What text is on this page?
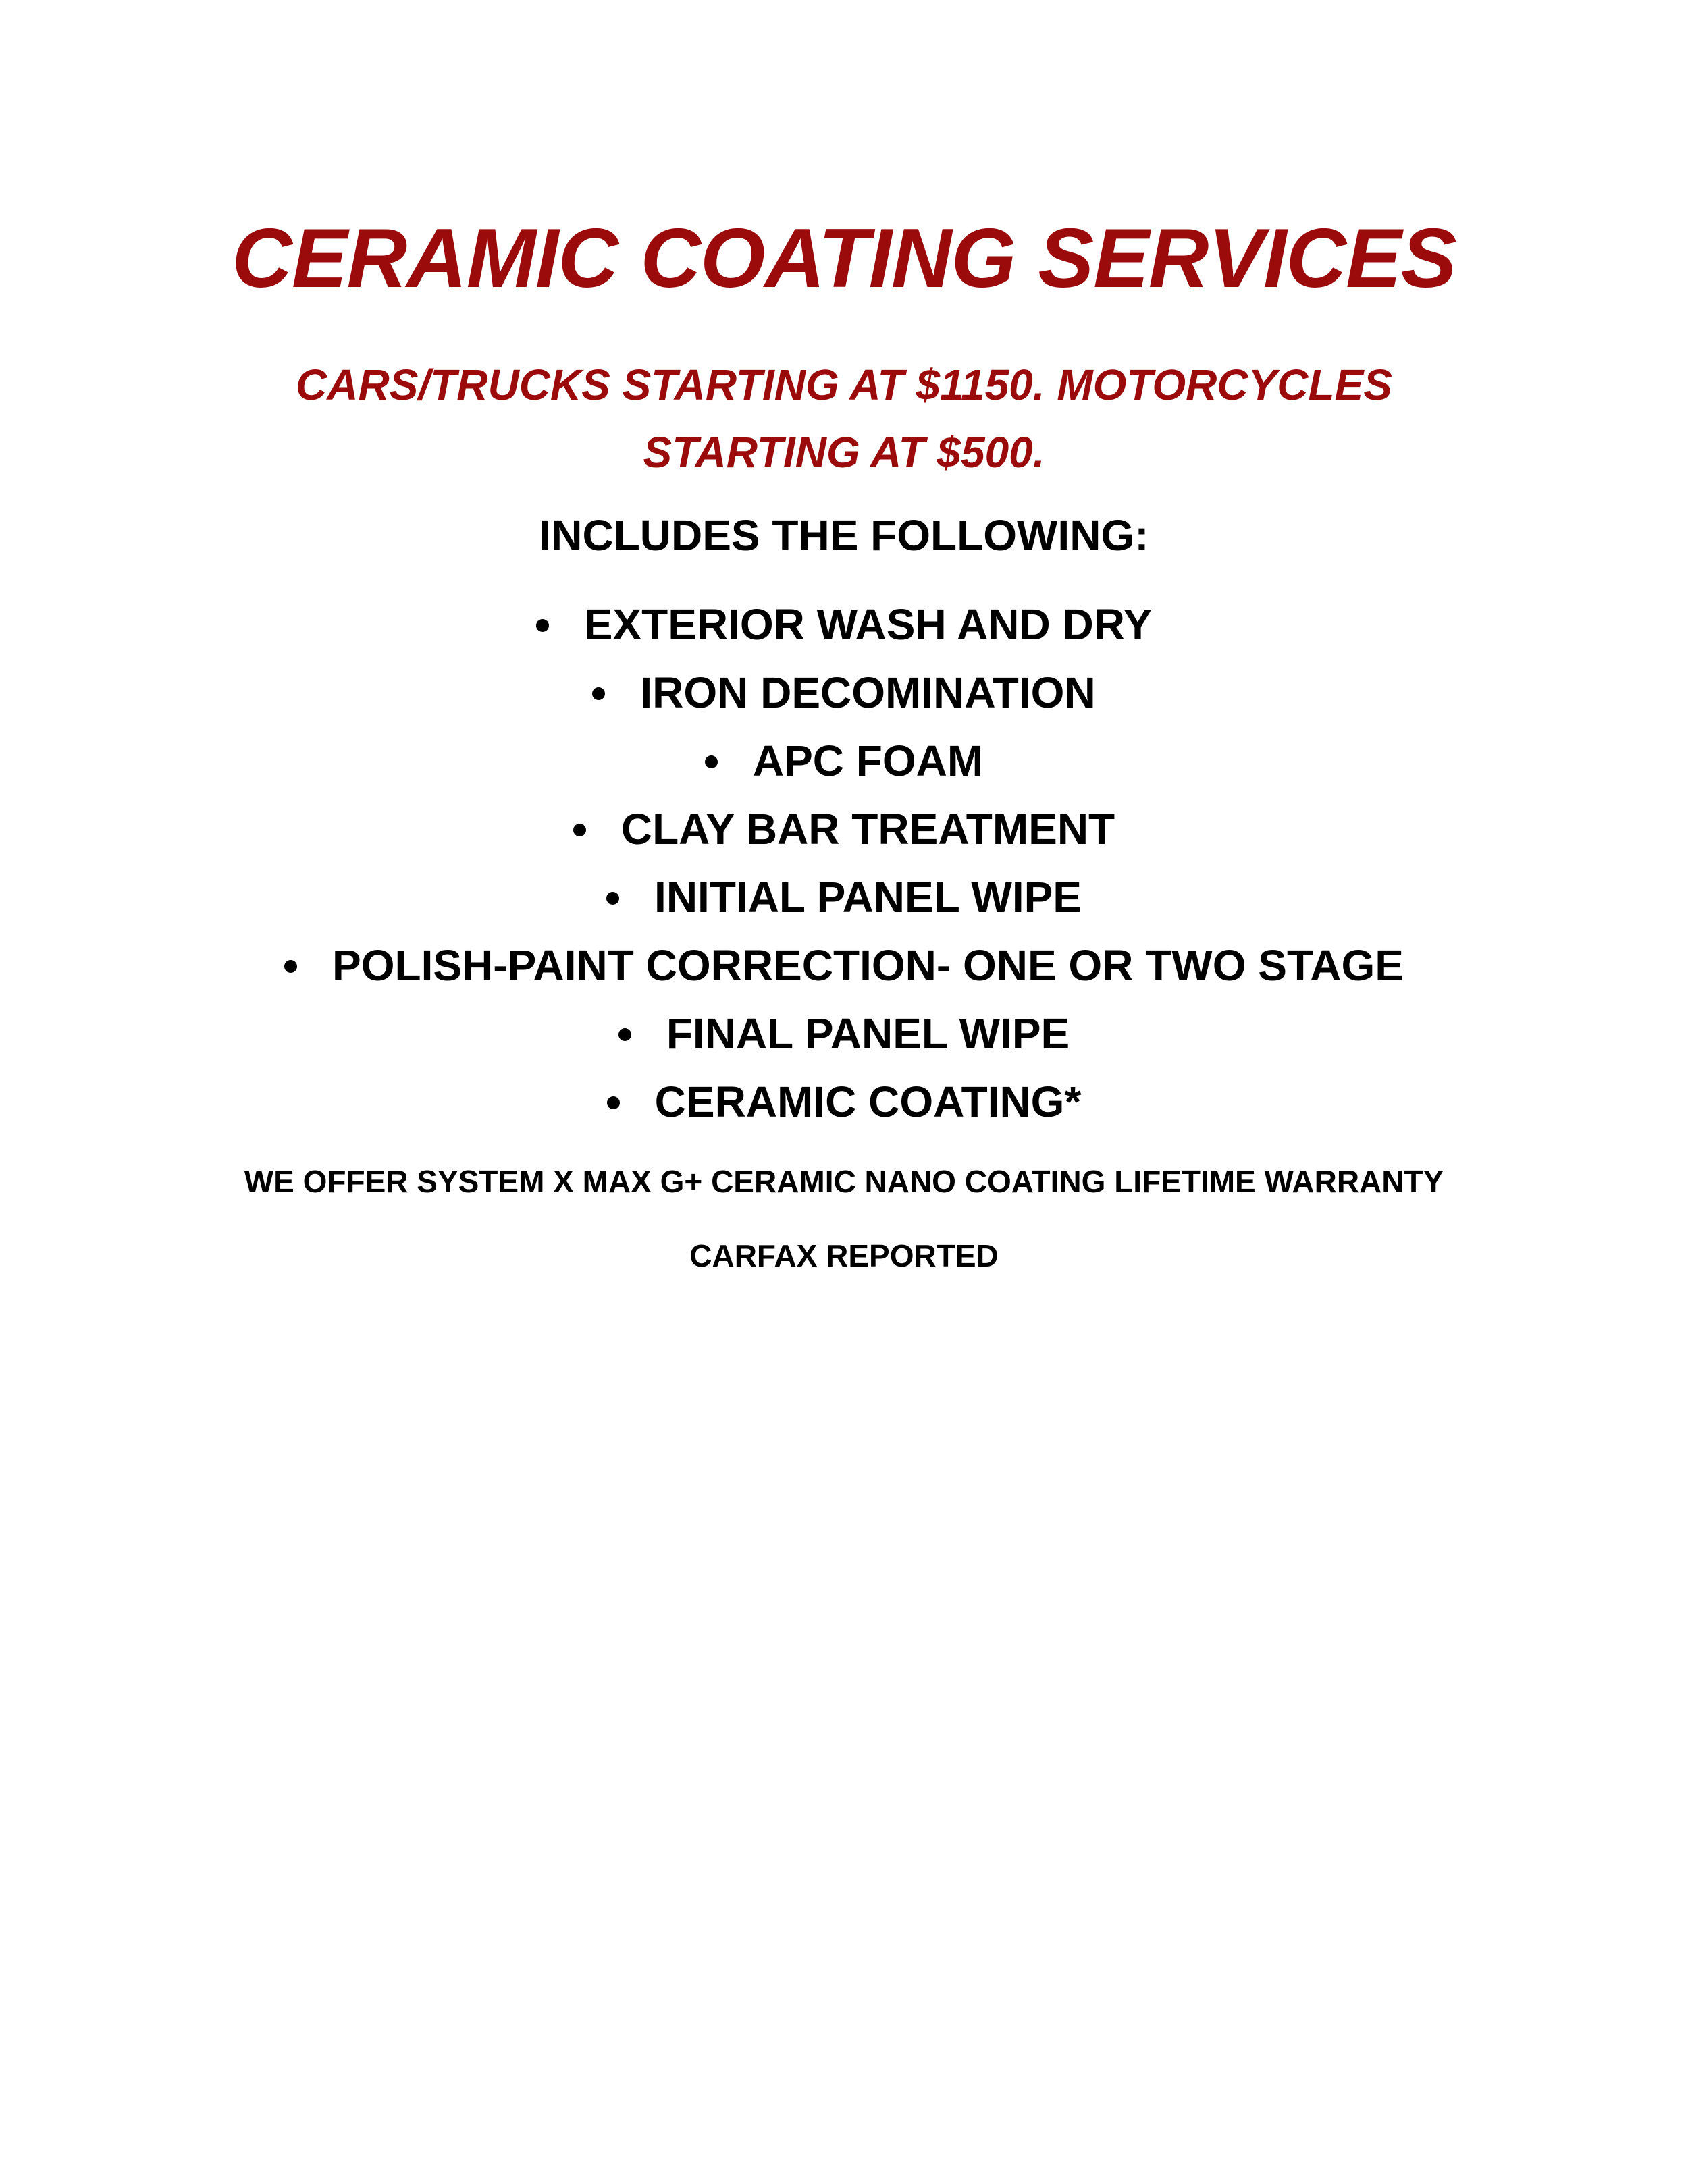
CERAMIC COATING SERVICES
CARS/TRUCKS STARTING AT $1150. MOTORCYCLES STARTING AT $500.
INCLUDES THE FOLLOWING:
EXTERIOR WASH AND DRY
IRON DECOMINATION
APC FOAM
CLAY BAR TREATMENT
INITIAL PANEL WIPE
POLISH-PAINT CORRECTION- ONE OR TWO STAGE
FINAL PANEL WIPE
CERAMIC COATING*
WE OFFER SYSTEM X MAX G+ CERAMIC NANO COATING LIFETIME WARRANTY
CARFAX REPORTED
